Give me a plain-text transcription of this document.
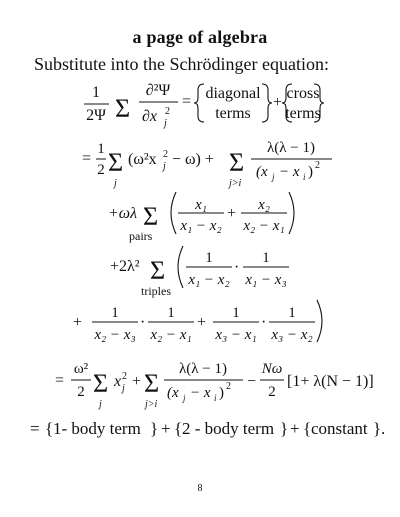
a page of algebra
Substitute into the Schrödinger equation:
1
2Ψ Σ
∂²Ψ
∂x 2
j
= diagonal
terms
+
cross
terms
=
1
2 Σ
j
(ω²x 2
j − ω) + Σ
j>i
λ(λ − 1)
(x j − x i ) 2
+ωλ Σ
pairs
x₁
x₁ − x₂
+ x₂
x₂ − x₁
+2λ² Σ
triples
1
x₁ − x₂
·
1
x₁ − x₃
+
1
x₂ − x₃
·
1
x₂ − x₁
+
1
x₃ − x₁
·
1
x₃ − x₂
=
ω²
2 Σ
j
x 2
j + Σ
j>i
λ(λ − 1)
(x j − x i ) 2 −
Nω
2
[1+ λ(N − 1)]
= { 1- body term } + { 2 - body term } + { constant } .
8
